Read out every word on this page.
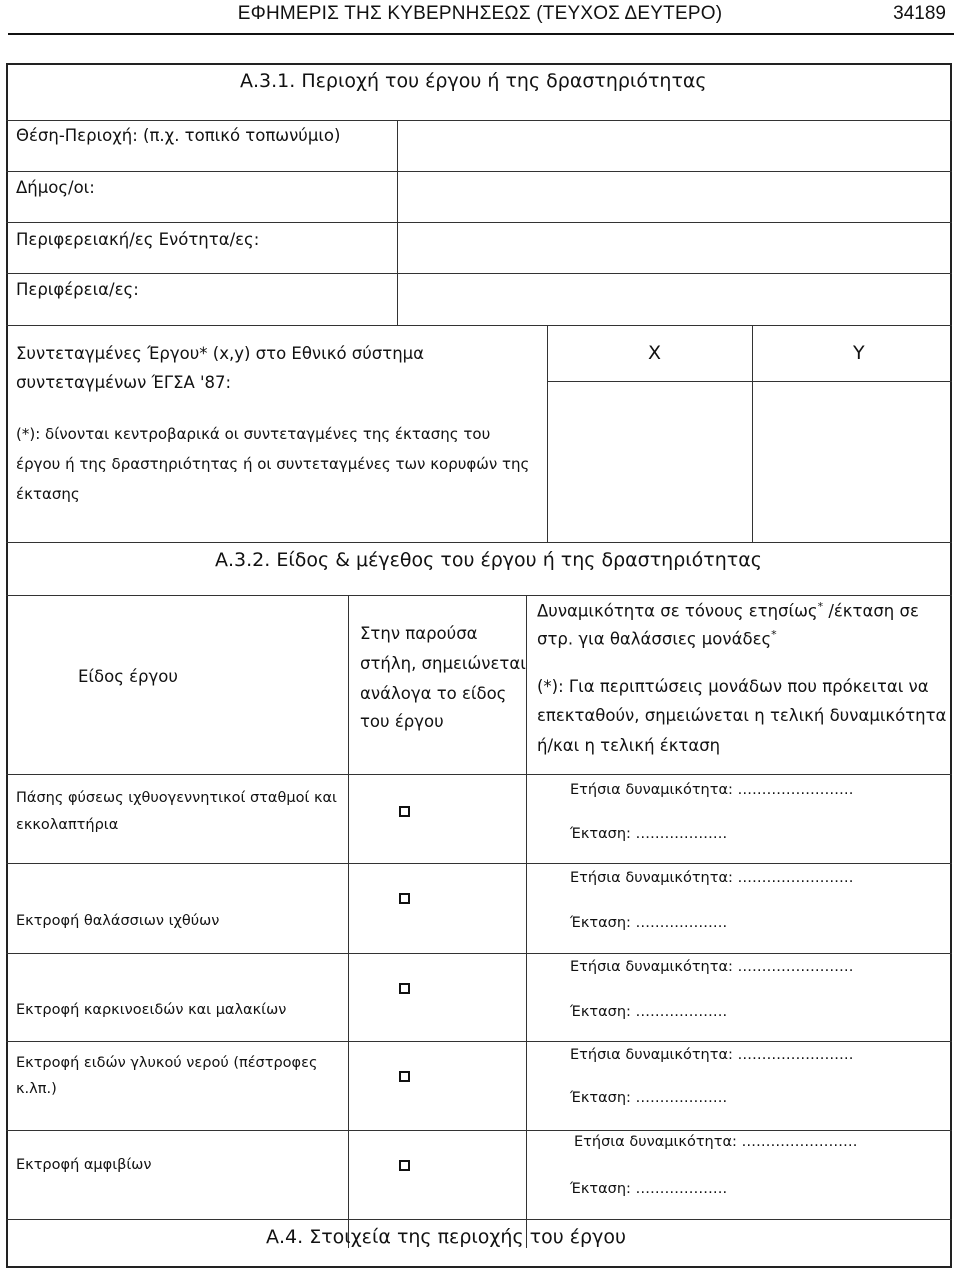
ΕΦΗΜΕΡΙΣ ΤΗΣ ΚΥΒΕΡΝΗΣΕΩΣ (ΤΕΥΧΟΣ ΔΕΥΤΕΡΟ)	34189
Α.3.1. Περιοχή του έργου ή της δραστηριότητας
Θέση-Περιοχή: (π.χ. τοπικό τοπωνύμιο)
Δήμος/οι:
Περιφερειακή/ες Ενότητα/ες:
Περιφέρεια/ες:
Συντεταγμένες Έργου* (x,y) στο Εθνικό σύστημα
συντεταγμένων ΈΓΣΑ '87:
(*): δίνονται κεντροβαρικά οι συντεταγμένες της έκτασης του
έργου ή της δραστηριότητας ή οι συντεταγμένες των κορυφών της
έκτασης
X	Y
Α.3.2. Είδος & μέγεθος του έργου ή της δραστηριότητας
Είδος έργου
Στην παρούσα
στήλη, σημειώνεται
ανάλογα το είδος
του έργου
Δυναμικότητα σε τόνους ετησίως* /έκταση σε
στρ. για θαλάσσιες μονάδες*
(*): Για περιπτώσεις μονάδων που πρόκειται να
επεκταθούν, σημειώνεται η τελική δυναμικότητα
ή/και η τελική έκταση
Πάσης φύσεως ιχθυογεννητικοί σταθμοί και
εκκολαπτήρια
Ετήσια δυναμικότητα: ……………………
Έκταση: ……………….
Εκτροφή θαλάσσιων ιχθύων
Ετήσια δυναμικότητα: ……………………
Έκταση: ……………….
Εκτροφή καρκινοειδών και μαλακίων
Ετήσια δυναμικότητα: ……………………
Έκταση: ……………….
Εκτροφή ειδών γλυκού νερού (πέστροφες
κ.λπ.)
Ετήσια δυναμικότητα: ……………………
Έκταση: ……………….
Εκτροφή αμφιβίων
Ετήσια δυναμικότητα: ……………………
Έκταση: ……………….
Α.4. Στοιχεία της περιοχής του έργου
